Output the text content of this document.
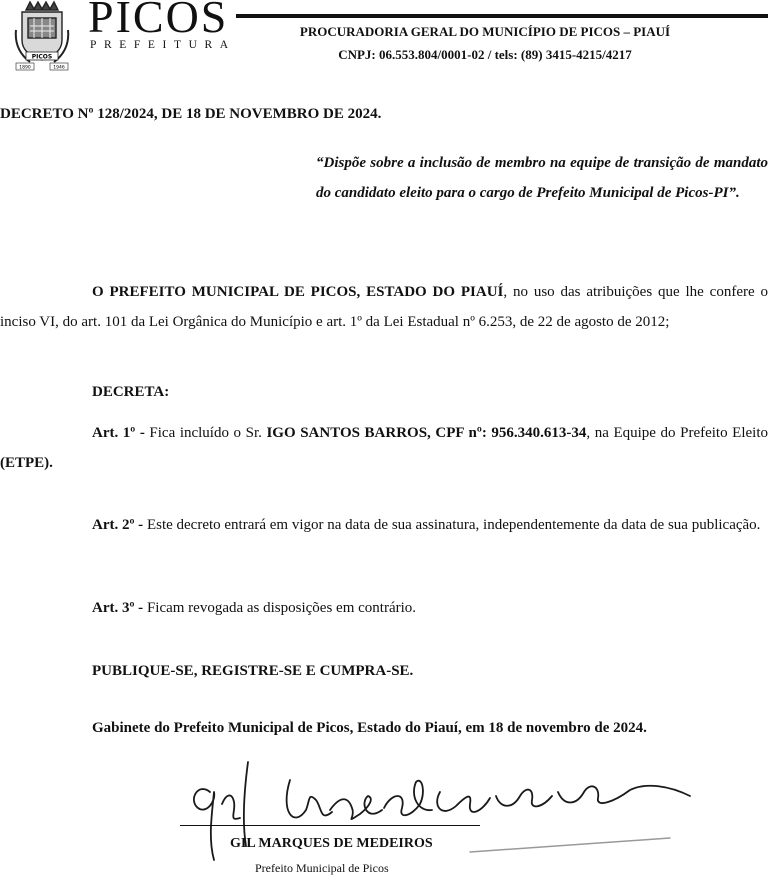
PICOS
1890	1946
PICOS
PREFEITURA
PROCURADORIA GERAL DO MUNICÍPIO DE PICOS – PIAUÍ
CNPJ: 06.553.804/0001-02 / tels: (89) 3415-4215/4217
DECRETO Nº 128/2024, DE 18 DE NOVEMBRO DE 2024.
“Dispõe sobre a inclusão de membro na equipe de transição de mandato do candidato eleito para o cargo de Prefeito Municipal de Picos-PI”.
O PREFEITO MUNICIPAL DE PICOS, ESTADO DO PIAUÍ, no uso das atribuições que lhe confere o inciso VI, do art. 101 da Lei Orgânica do Município e art. 1º da Lei Estadual nº 6.253, de 22 de agosto de 2012;
DECRETA:
Art. 1º - Fica incluído o Sr. IGO SANTOS BARROS, CPF nº: 956.340.613-34, na Equipe do Prefeito Eleito (ETPE).
Art. 2º - Este decreto entrará em vigor na data de sua assinatura, independentemente da data de sua publicação.
Art. 3º - Ficam revogada as disposições em contrário.
PUBLIQUE-SE, REGISTRE-SE E CUMPRA-SE.
Gabinete do Prefeito Municipal de Picos, Estado do Piauí, em 18 de novembro de 2024.
GIL MARQUES DE MEDEIROS
Prefeito Municipal de Picos
